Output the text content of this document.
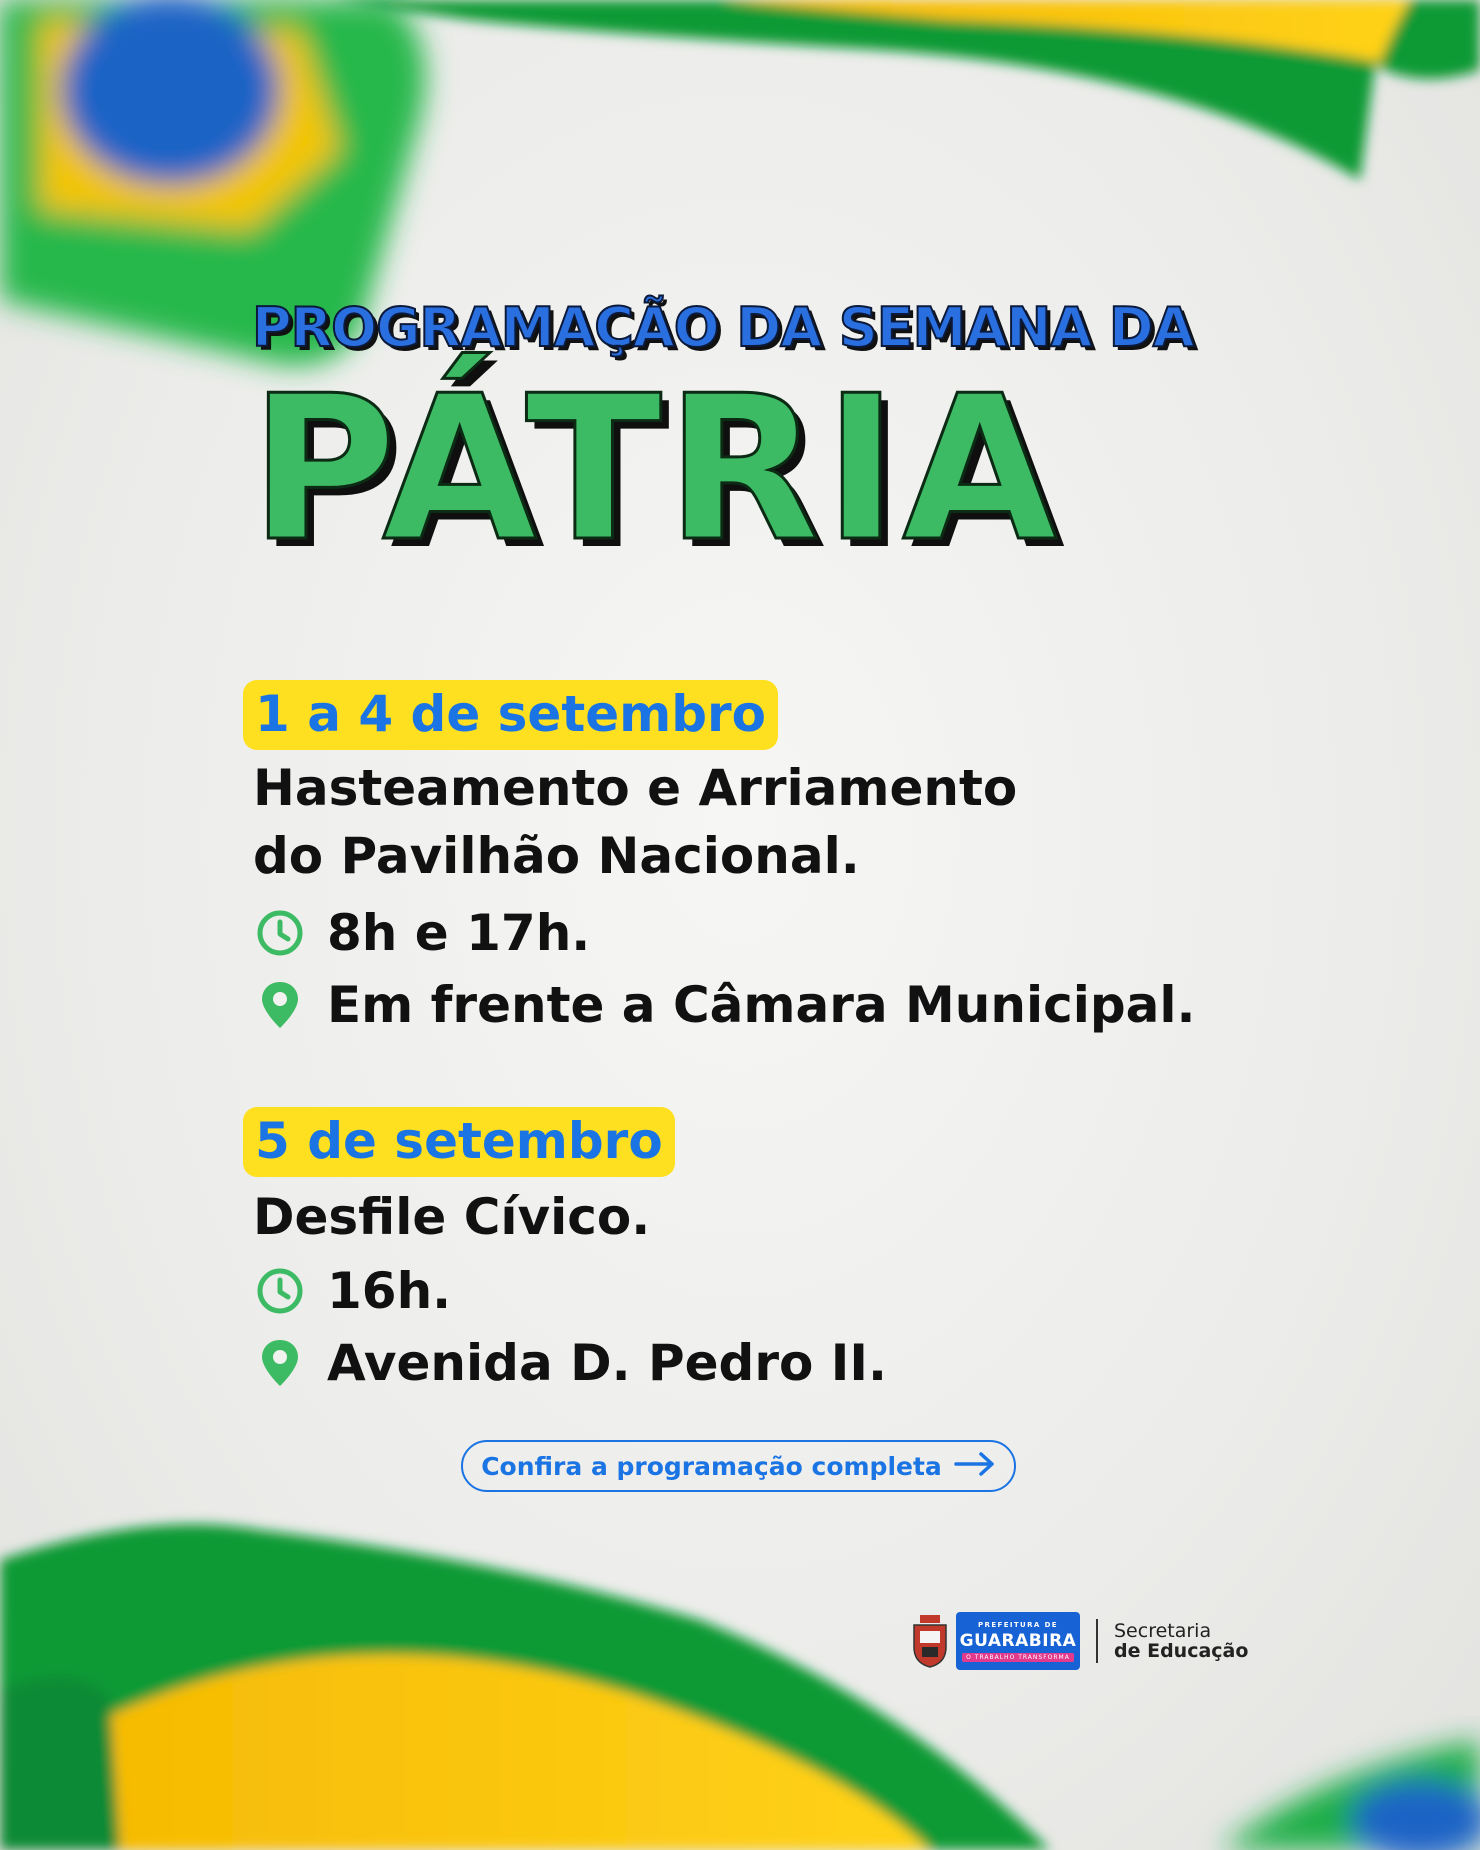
PROGRAMAÇÃO DA SEMANA DA
PÁTRIA
1 a 4 de setembro
Hasteamento e Arriamento
do Pavilhão Nacional.
8h e 17h.
Em frente a Câmara Municipal.
5 de setembro
Desfile Cívico.
16h.
Avenida D. Pedro II.
Confira a programação completa
PREFEITURA DE
GUARABIRA
O TRABALHO TRANSFORMA
Secretaria
de Educação
